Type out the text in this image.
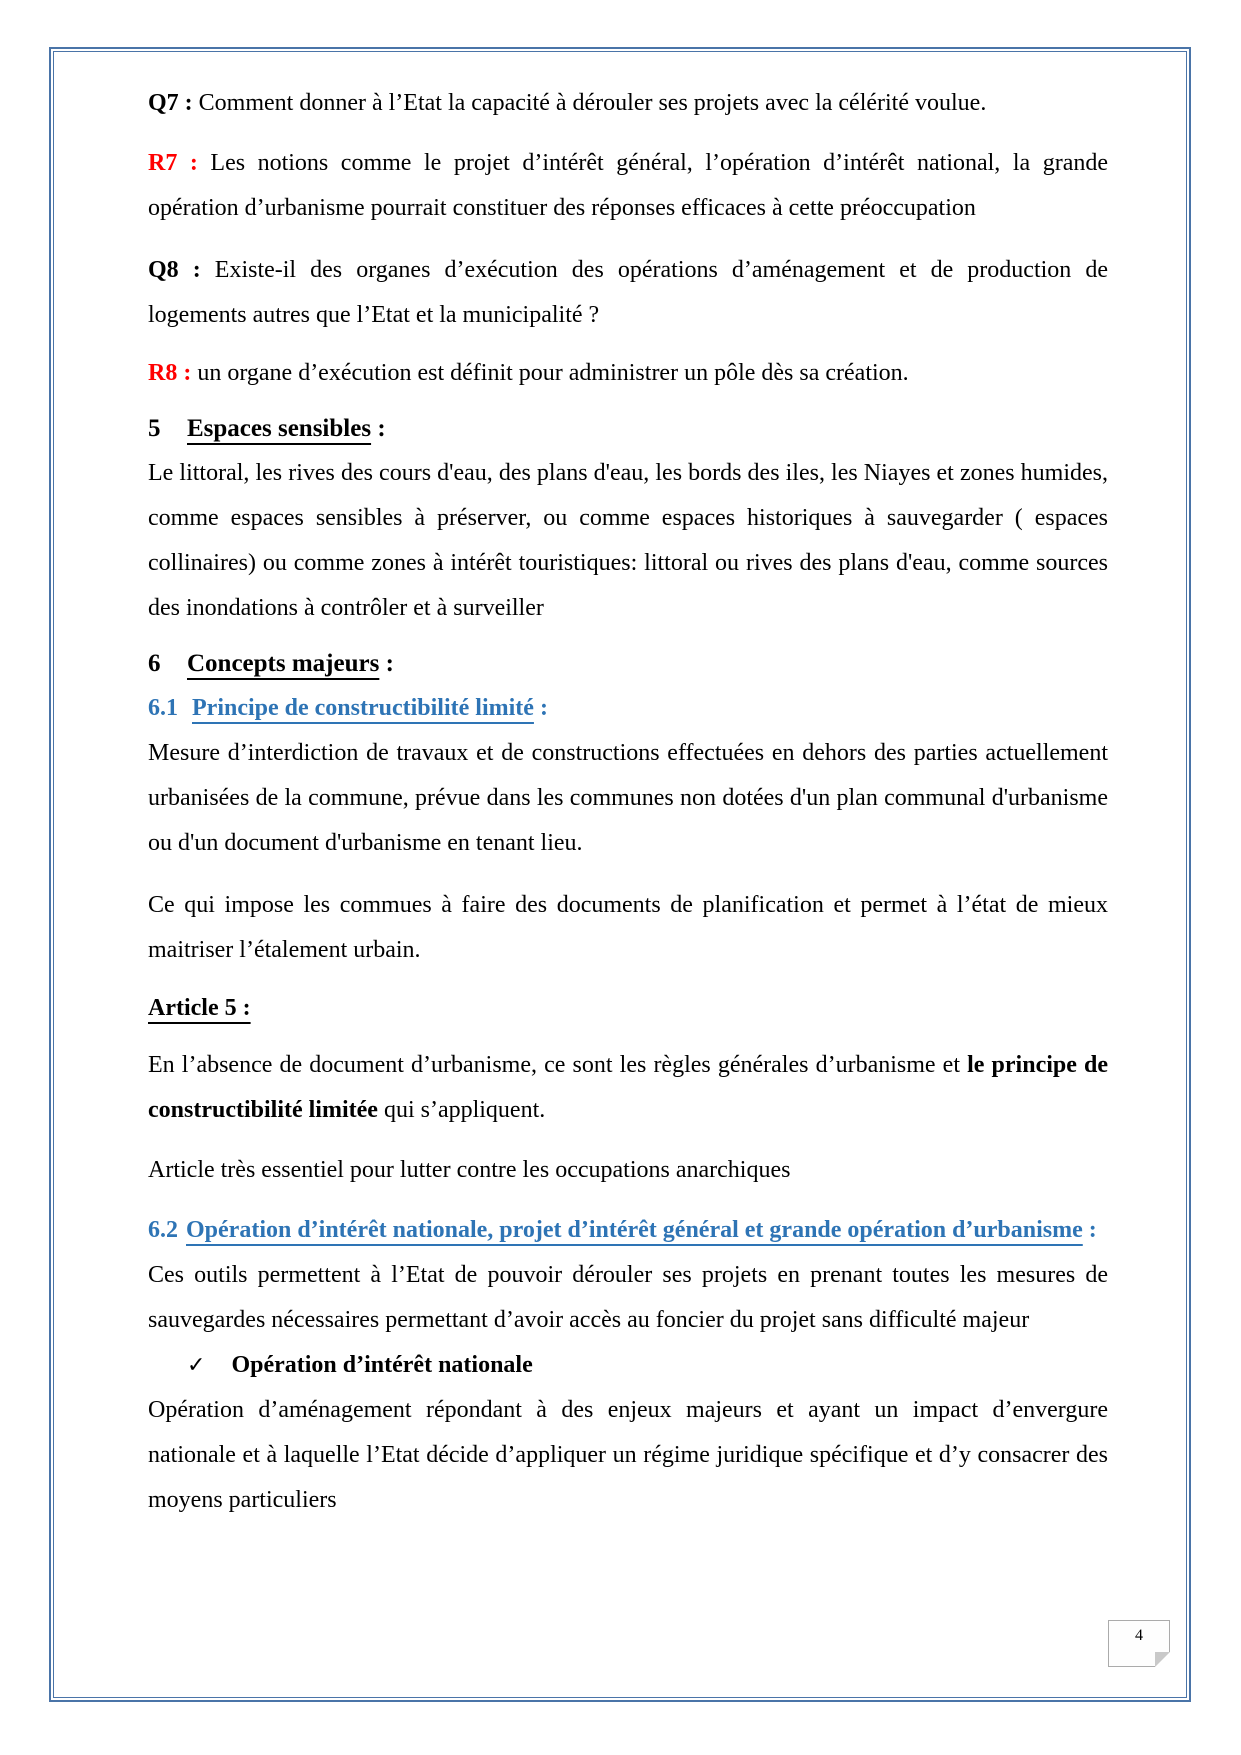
Q7 : Comment donner à l’Etat la capacité à dérouler ses projets avec la célérité voulue.

R7 : Les notions comme le projet d’intérêt général, l’opération d’intérêt national, la grande opération d’urbanisme pourrait constituer des réponses efficaces à cette préoccupation

Q8 : Existe-il des organes d’exécution des opérations d’aménagement et de production de logements autres que l’Etat et la municipalité ?

R8 : un organe d’exécution est définit pour administrer un pôle dès sa création.

5 Espaces sensibles :

Le littoral, les rives des cours d'eau, des plans d'eau, les bords des iles, les Niayes et zones humides, comme espaces sensibles à préserver, ou comme espaces historiques à sauvegarder ( espaces collinaires) ou comme zones à intérêt touristiques: littoral ou rives des plans d'eau, comme sources des inondations à contrôler et à surveiller

6 Concepts majeurs :
6.1 Principe de constructibilité limité :

Mesure d’interdiction de travaux et de constructions effectuées en dehors des parties actuellement urbanisées de la commune, prévue dans les communes non dotées d'un plan communal d'urbanisme ou d'un document d'urbanisme en tenant lieu.

Ce qui impose les commues à faire des documents de planification et permet à l’état de mieux maitriser l’étalement urbain.

Article 5 :

En l’absence de document d’urbanisme, ce sont les règles générales d’urbanisme et le principe de constructibilité limitée qui s’appliquent.

Article très essentiel pour lutter contre les occupations anarchiques

6.2 Opération d’intérêt nationale, projet d’intérêt général et grande opération d’urbanisme :

Ces outils permettent à l’Etat de pouvoir dérouler ses projets en prenant toutes les mesures de sauvegardes nécessaires permettant d’avoir accès au foncier du projet sans difficulté majeur

✓ Opération d’intérêt nationale

Opération d’aménagement répondant à des enjeux majeurs et ayant un impact d’envergure nationale et à laquelle l’Etat décide d’appliquer un régime juridique spécifique et d’y consacrer des moyens particuliers

4
